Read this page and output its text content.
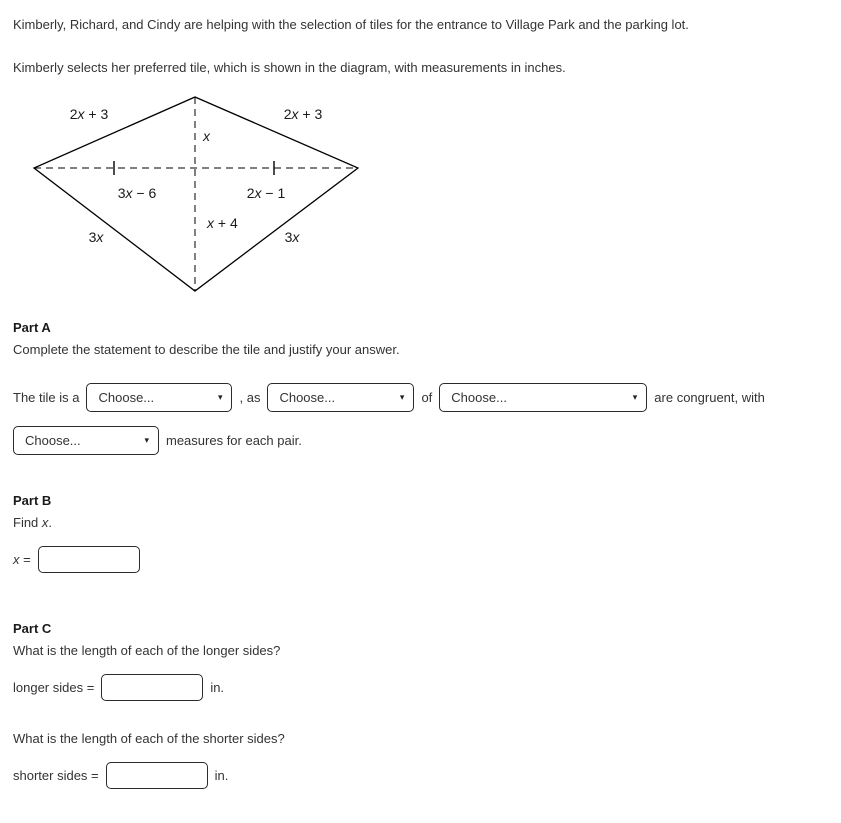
Kimberly, Richard, and Cindy are helping with the selection of tiles for the entrance to Village Park and the parking lot.

Kimberly selects her preferred tile, which is shown in the diagram, with measurements in inches.

2x + 3	2x + 3
x
3x − 6	2x − 1
x + 4
3x	3x
Part A

Complete the statement to describe the tile and justify your answer.

The tile is a Choose...	▾ , as Choose...	▾ of Choose...	▾ are congruent, with
Choose...	▾ measures for each pair.
Part B

Find x.

x =
Part C

What is the length of each of the longer sides?

longer sides =	in.

What is the length of each of the shorter sides?

shorter sides =	in.
